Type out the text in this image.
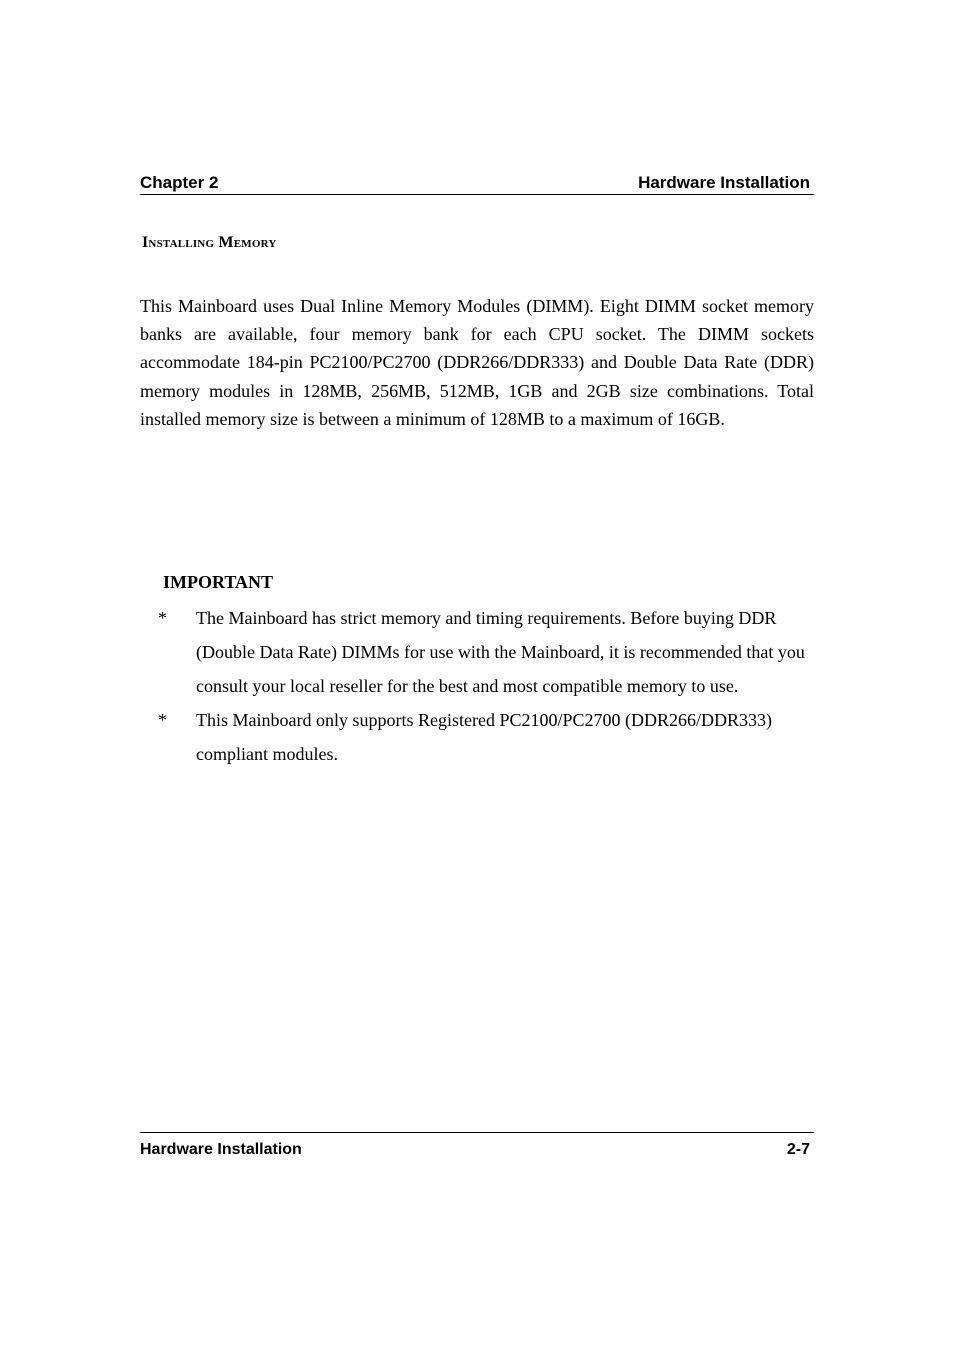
Chapter 2	Hardware Installation
Installing Memory

This Mainboard uses Dual Inline Memory Modules (DIMM). Eight DIMM socket memory banks are available, four memory bank for each CPU socket. The DIMM sockets accommodate 184-pin PC2100/PC2700 (DDR266/DDR333) and Double Data Rate (DDR) memory modules in 128MB, 256MB, 512MB, 1GB and 2GB size combinations. Total installed memory size is between a minimum of 128MB to a maximum of 16GB.

IMPORTANT
* The Mainboard has strict memory and timing requirements. Before buying DDR (Double Data Rate) DIMMs for use with the Mainboard, it is recommended that you consult your local reseller for the best and most compatible memory to use.
* This Mainboard only supports Registered PC2100/PC2700 (DDR266/DDR333) compliant modules.
Hardware Installation	2-7
